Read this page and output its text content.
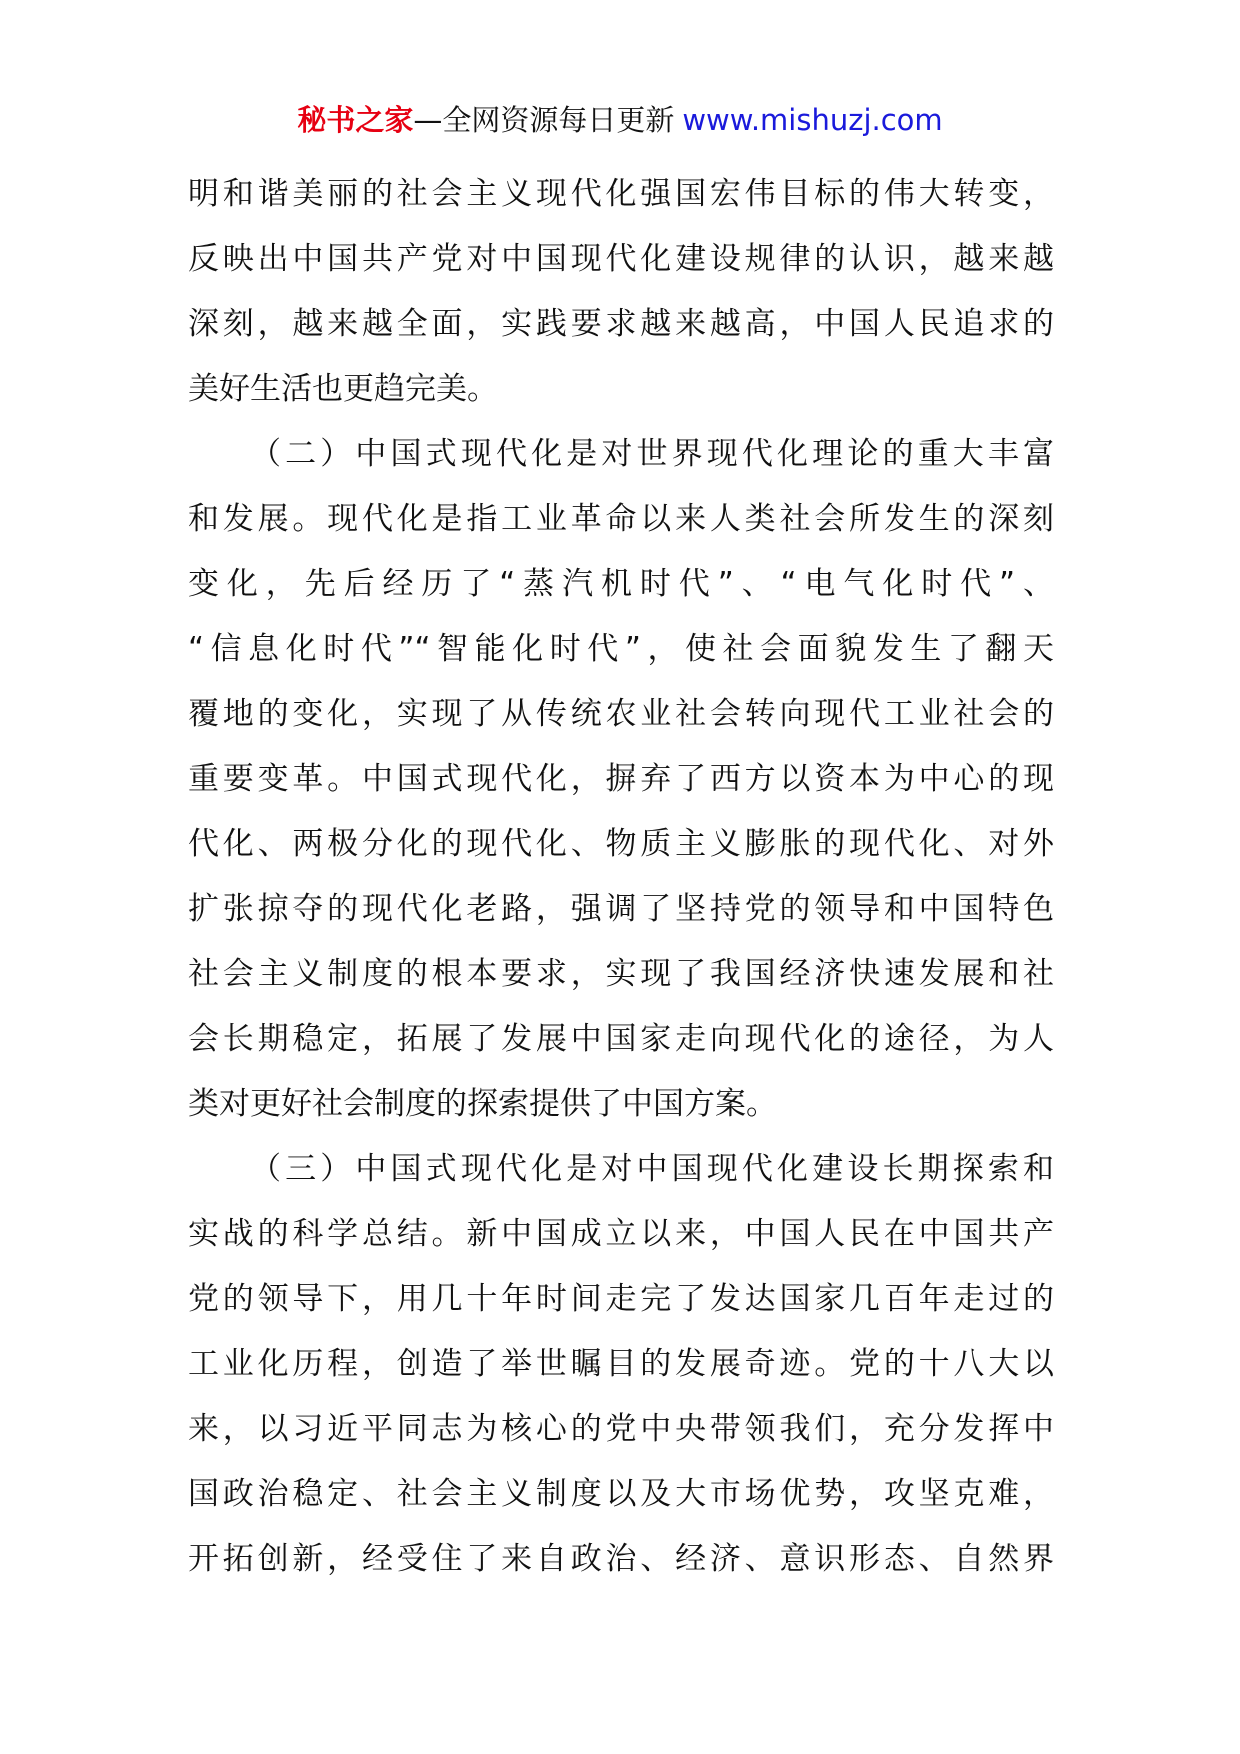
秘书之家—全网资源每日更新 www.mishuzj.com
明和谐美丽的社会主义现代化强国宏伟目标的伟大转变，
反映出中国共产党对中国现代化建设规律的认识，越来越
深刻，越来越全面，实践要求越来越高，中国人民追求的
美好生活也更趋完美。
（二）中国式现代化是对世界现代化理论的重大丰富
和发展。现代化是指工业革命以来人类社会所发生的深刻
变化，先后经历了“蒸汽机时代”、“电气化时代”、
“信息化时代”“智能化时代”，使社会面貌发生了翻天
覆地的变化，实现了从传统农业社会转向现代工业社会的
重要变革。中国式现代化，摒弃了西方以资本为中心的现
代化、两极分化的现代化、物质主义膨胀的现代化、对外
扩张掠夺的现代化老路，强调了坚持党的领导和中国特色
社会主义制度的根本要求，实现了我国经济快速发展和社
会长期稳定，拓展了发展中国家走向现代化的途径，为人
类对更好社会制度的探索提供了中国方案。
（三）中国式现代化是对中国现代化建设长期探索和
实战的科学总结。新中国成立以来，中国人民在中国共产
党的领导下，用几十年时间走完了发达国家几百年走过的
工业化历程，创造了举世瞩目的发展奇迹。党的十八大以
来，以习近平同志为核心的党中央带领我们，充分发挥中
国政治稳定、社会主义制度以及大市场优势，攻坚克难，
开拓创新，经受住了来自政治、经济、意识形态、自然界
